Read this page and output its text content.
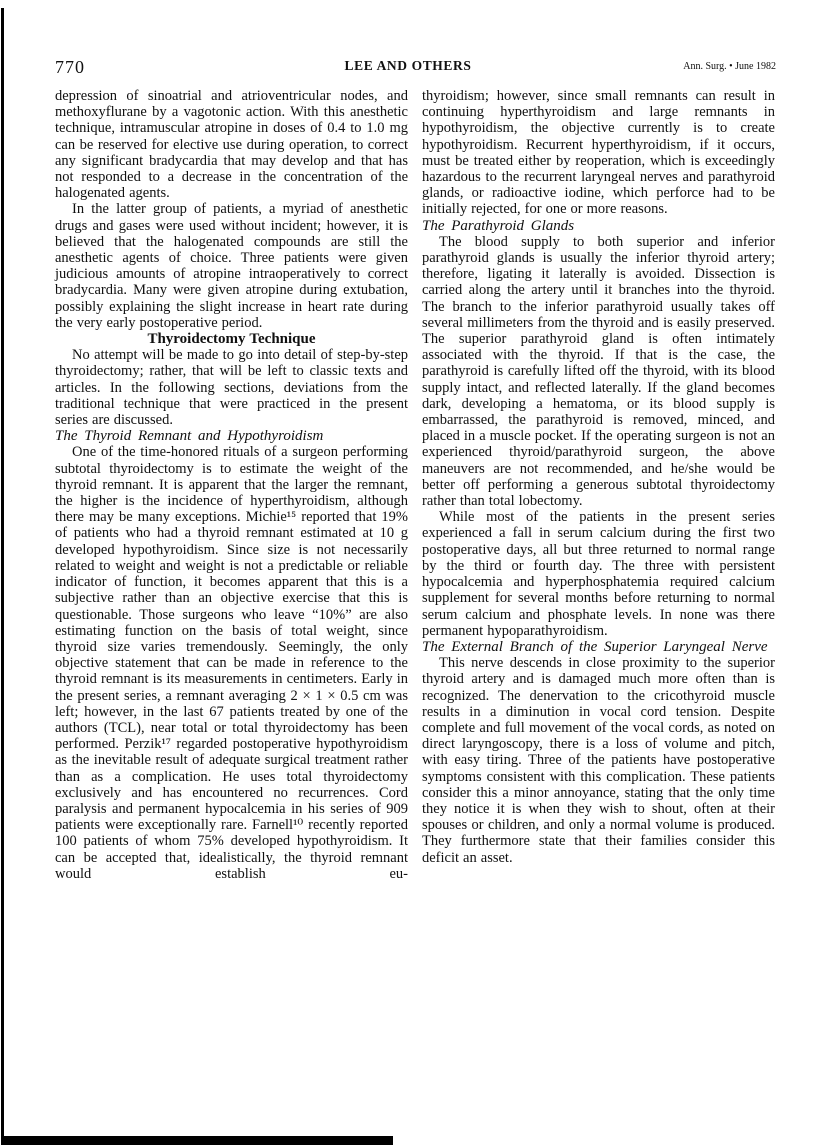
770	LEE AND OTHERS	Ann. Surg. • June 1982

depression of sinoatrial and atrioventricular nodes, and methoxyflurane by a vagotonic action. With this anesthetic technique, intramuscular atropine in doses of 0.4 to 1.0 mg can be reserved for elective use during operation, to correct any significant bradycardia that may develop and that has not responded to a decrease in the concentration of the halogenated agents.

In the latter group of patients, a myriad of anesthetic drugs and gases were used without incident; however, it is believed that the halogenated compounds are still the anesthetic agents of choice. Three patients were given judicious amounts of atropine intraoperatively to correct bradycardia. Many were given atropine during extubation, possibly explaining the slight increase in heart rate during the very early postoperative period.

Thyroidectomy Technique

No attempt will be made to go into detail of step-by-step thyroidectomy; rather, that will be left to classic texts and articles. In the following sections, deviations from the traditional technique that were practiced in the present series are discussed.

The Thyroid Remnant and Hypothyroidism

One of the time-honored rituals of a surgeon performing subtotal thyroidectomy is to estimate the weight of the thyroid remnant. It is apparent that the larger the remnant, the higher is the incidence of hyperthyroidism, although there may be many exceptions. Michie¹⁵ reported that 19% of patients who had a thyroid remnant estimated at 10 g developed hypothyroidism. Since size is not necessarily related to weight and weight is not a predictable or reliable indicator of function, it becomes apparent that this is a subjective rather than an objective exercise that this is questionable. Those surgeons who leave “10%” are also estimating function on the basis of total weight, since thyroid size varies tremendously. Seemingly, the only objective statement that can be made in reference to the thyroid remnant is its measurements in centimeters. Early in the present series, a remnant averaging 2 × 1 × 0.5 cm was left; however, in the last 67 patients treated by one of the authors (TCL), near total or total thyroidectomy has been performed. Perzik¹⁷ regarded postoperative hypothyroidism as the inevitable result of adequate surgical treatment rather than as a complication. He uses total thyroidectomy exclusively and has encountered no recurrences. Cord paralysis and permanent hypocalcemia in his series of 909 patients were exceptionally rare. Farnell¹⁰ recently reported 100 patients of whom 75% developed hypothyroidism. It can be accepted that, idealistically, the thyroid remnant would establish eu-

thyroidism; however, since small remnants can result in continuing hyperthyroidism and large remnants in hypothyroidism, the objective currently is to create hypothyroidism. Recurrent hyperthyroidism, if it occurs, must be treated either by reoperation, which is exceedingly hazardous to the recurrent laryngeal nerves and parathyroid glands, or radioactive iodine, which perforce had to be initially rejected, for one or more reasons.

The Parathyroid Glands

The blood supply to both superior and inferior parathyroid glands is usually the inferior thyroid artery; therefore, ligating it laterally is avoided. Dissection is carried along the artery until it branches into the thyroid. The branch to the inferior parathyroid usually takes off several millimeters from the thyroid and is easily preserved. The superior parathyroid gland is often intimately associated with the thyroid. If that is the case, the parathyroid is carefully lifted off the thyroid, with its blood supply intact, and reflected laterally. If the gland becomes dark, developing a hematoma, or its blood supply is embarrassed, the parathyroid is removed, minced, and placed in a muscle pocket. If the operating surgeon is not an experienced thyroid/parathyroid surgeon, the above maneuvers are not recommended, and he/she would be better off performing a generous subtotal thyroidectomy rather than total lobectomy.

While most of the patients in the present series experienced a fall in serum calcium during the first two postoperative days, all but three returned to normal range by the third or fourth day. The three with persistent hypocalcemia and hyperphosphatemia required calcium supplement for several months before returning to normal serum calcium and phosphate levels. In none was there permanent hypoparathyroidism.

The External Branch of the Superior Laryngeal Nerve

This nerve descends in close proximity to the superior thyroid artery and is damaged much more often than is recognized. The denervation to the cricothyroid muscle results in a diminution in vocal cord tension. Despite complete and full movement of the vocal cords, as noted on direct laryngoscopy, there is a loss of volume and pitch, with easy tiring. Three of the patients have postoperative symptoms consistent with this complication. These patients consider this a minor annoyance, stating that the only time they notice it is when they wish to shout, often at their spouses or children, and only a normal volume is produced. They furthermore state that their families consider this deficit an asset.
